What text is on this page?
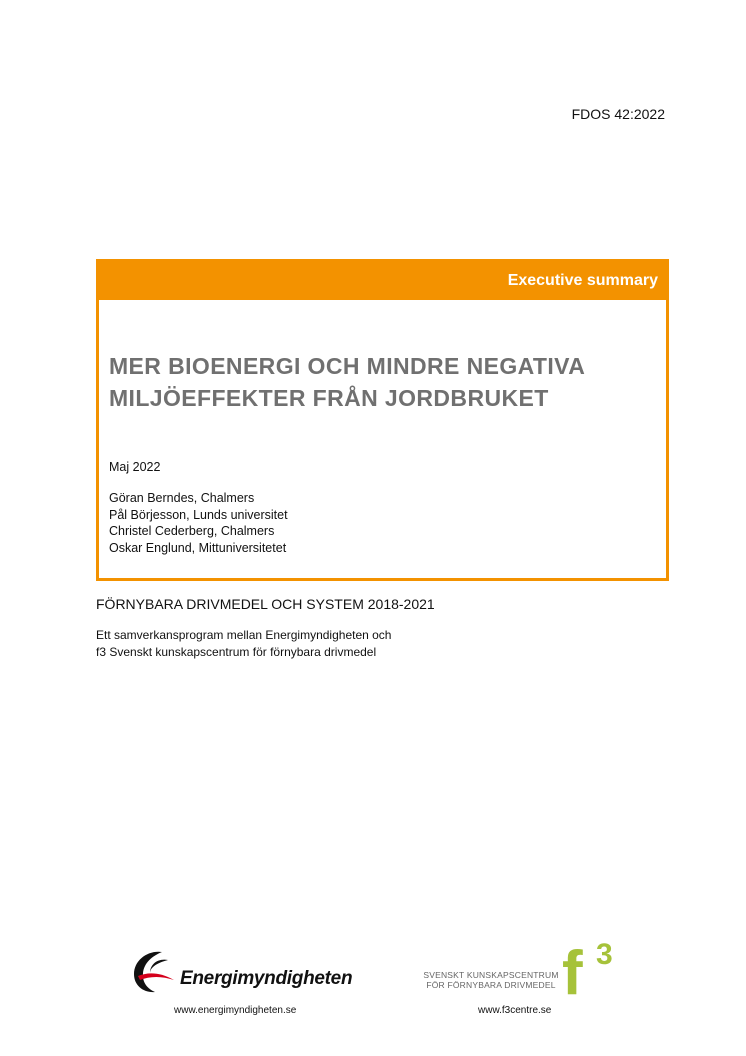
FDOS 42:2022
Executive summary
MER BIOENERGI OCH MINDRE NEGATIVA
MILJÖEFFEKTER FRÅN JORDBRUKET
Maj 2022
Göran Berndes, Chalmers
Pål Börjesson, Lunds universitet
Christel Cederberg, Chalmers
Oskar Englund, Mittuniversitetet
FÖRNYBARA DRIVMEDEL OCH SYSTEM 2018-2021
Ett samverkansprogram mellan Energimyndigheten och
f3 Svenskt kunskapscentrum för förnybara drivmedel
Energimyndigheten
www.energimyndigheten.se
SVENSKT KUNSKAPSCENTRUM
FÖR FÖRNYBARA DRIVMEDEL f 3
www.f3centre.se
